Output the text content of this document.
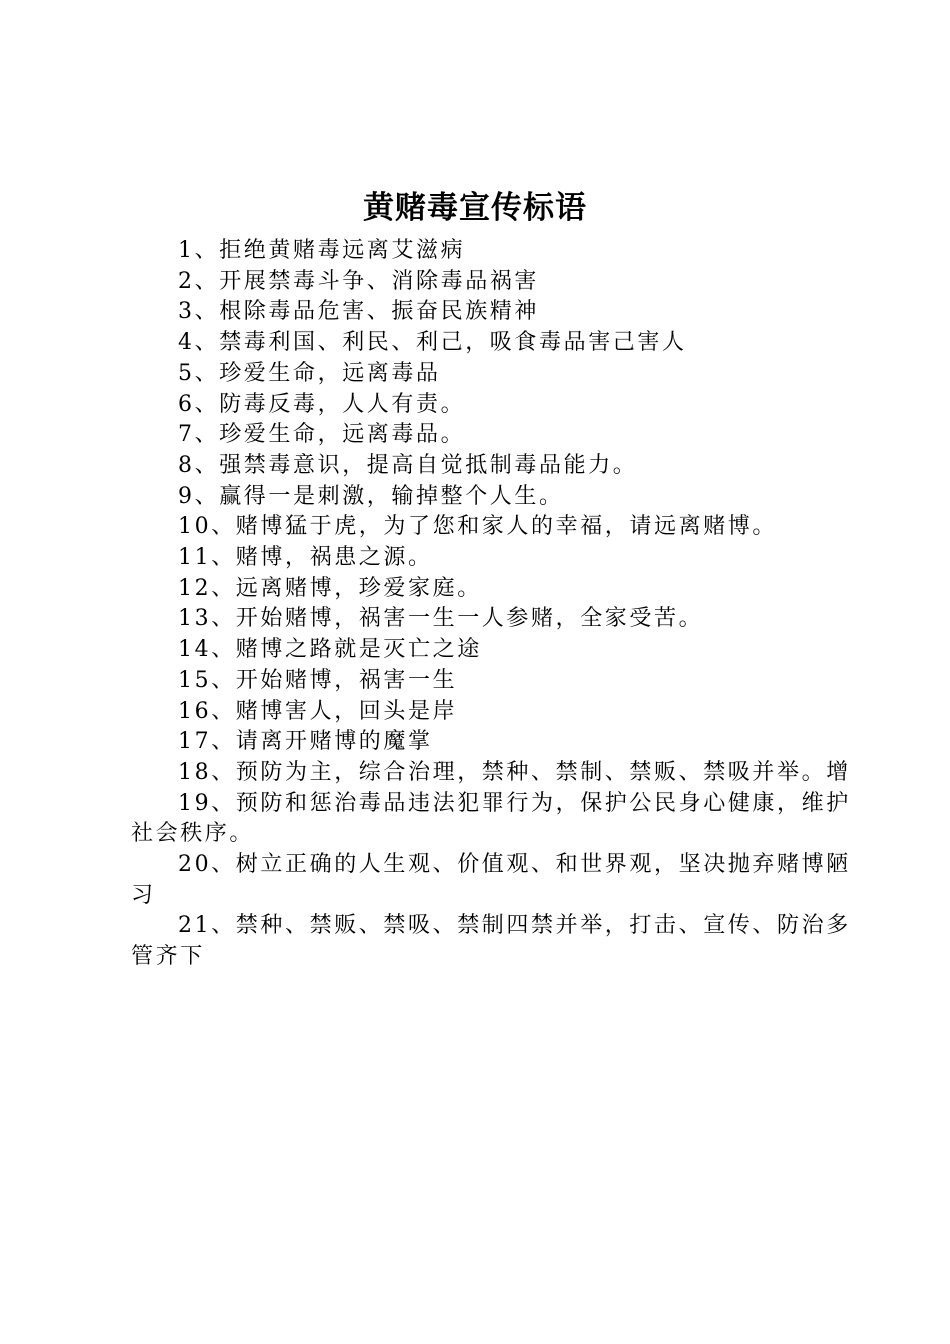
黄赌毒宣传标语

1、拒绝黄赌毒远离艾滋病

2、开展禁毒斗争、消除毒品祸害

3、根除毒品危害、振奋民族精神

4、禁毒利国、利民、利己，吸食毒品害己害人

5、珍爱生命，远离毒品

6、防毒反毒，人人有责。

7、珍爱生命，远离毒品。

8、强禁毒意识，提高自觉抵制毒品能力。

9、赢得一是刺激，输掉整个人生。

10、赌博猛于虎，为了您和家人的幸福，请远离赌博。

11、赌博，祸患之源。

12、远离赌博，珍爱家庭。

13、开始赌博，祸害一生一人参赌，全家受苦。

14、赌博之路就是灭亡之途

15、开始赌博，祸害一生

16、赌博害人，回头是岸

17、请离开赌博的魔掌

18、预防为主，综合治理，禁种、禁制、禁贩、禁吸并举。增

19、预防和惩治毒品违法犯罪行为，保护公民身心健康，维护社会秩序。

20、树立正确的人生观、价值观、和世界观，坚决抛弃赌博陋习

21、禁种、禁贩、禁吸、禁制四禁并举，打击、宣传、防治多管齐下
